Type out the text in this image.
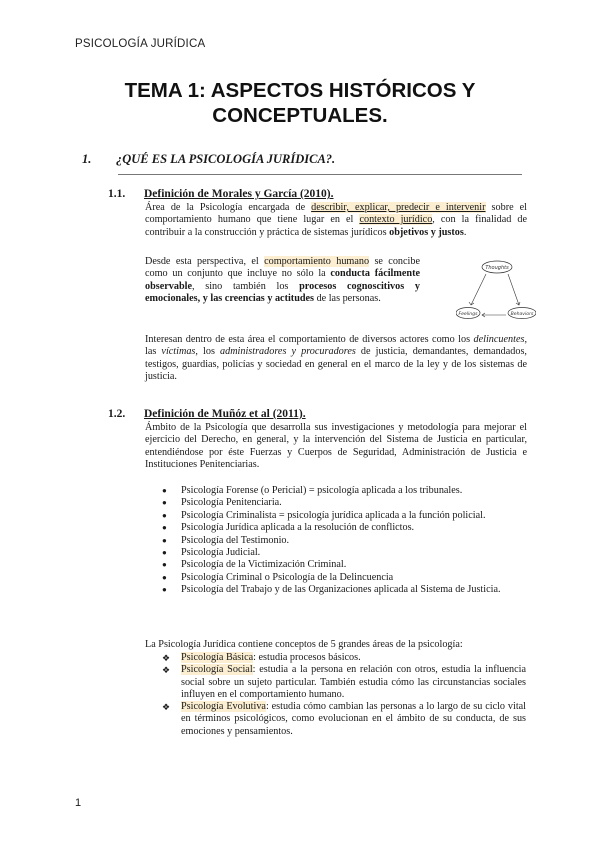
PSICOLOGÍA JURÍDICA
TEMA 1: ASPECTOS HISTÓRICOS Y
CONCEPTUALES.
1. ¿QUÉ ES LA PSICOLOGÍA JURÍDICA?.
1.1. Definición de Morales y García (2010).
Área de la Psicología encargada de describir, explicar, predecir e intervenir sobre el comportamiento humano que tiene lugar en el contexto jurídico, con la finalidad de contribuir a la construcción y práctica de sistemas jurídicos objetivos y justos.
Desde esta perspectiva, el comportamiento humano se concibe como un conjunto que incluye no sólo la conducta fácilmente observable, sino también los procesos cognoscitivos y emocionales, y las creencias y actitudes de las personas.
Thoughts
Feelings	Behaviors
Interesan dentro de esta área el comportamiento de diversos actores como los delincuentes, las víctimas, los administradores y procuradores de justicia, demandantes, demandados, testigos, guardias, policías y sociedad en general en el marco de la ley y de los sistemas de justicia.
1.2. Definición de Muñóz et al (2011).
Ámbito de la Psicología que desarrolla sus investigaciones y metodología para mejorar el ejercicio del Derecho, en general, y la intervención del Sistema de Justicia en particular, entendiéndose por éste Fuerzas y Cuerpos de Seguridad, Administración de Justicia e Instituciones Penitenciarias.
● Psicología Forense (o Pericial) = psicología aplicada a los tribunales.
● Psicología Penitenciaria.
● Psicología Criminalista = psicología jurídica aplicada a la función policial.
● Psicología Jurídica aplicada a la resolución de conflictos.
● Psicología del Testimonio.
● Psicología Judicial.
● Psicología de la Victimización Criminal.
● Psicología Criminal o Psicología de la Delincuencia
● Psicología del Trabajo y de las Organizaciones aplicada al Sistema de Justicia.
La Psicología Jurídica contiene conceptos de 5 grandes áreas de la psicología:
❖ Psicología Básica: estudia procesos básicos.
❖ Psicología Social: estudia a la persona en relación con otros, estudia la influencia social sobre un sujeto particular. También estudia cómo las circunstancias sociales influyen en el comportamiento humano.
❖ Psicología Evolutiva: estudia cómo cambian las personas a lo largo de su ciclo vital en términos psicológicos, como evolucionan en el ámbito de su conducta, de sus emociones y pensamientos.
1
